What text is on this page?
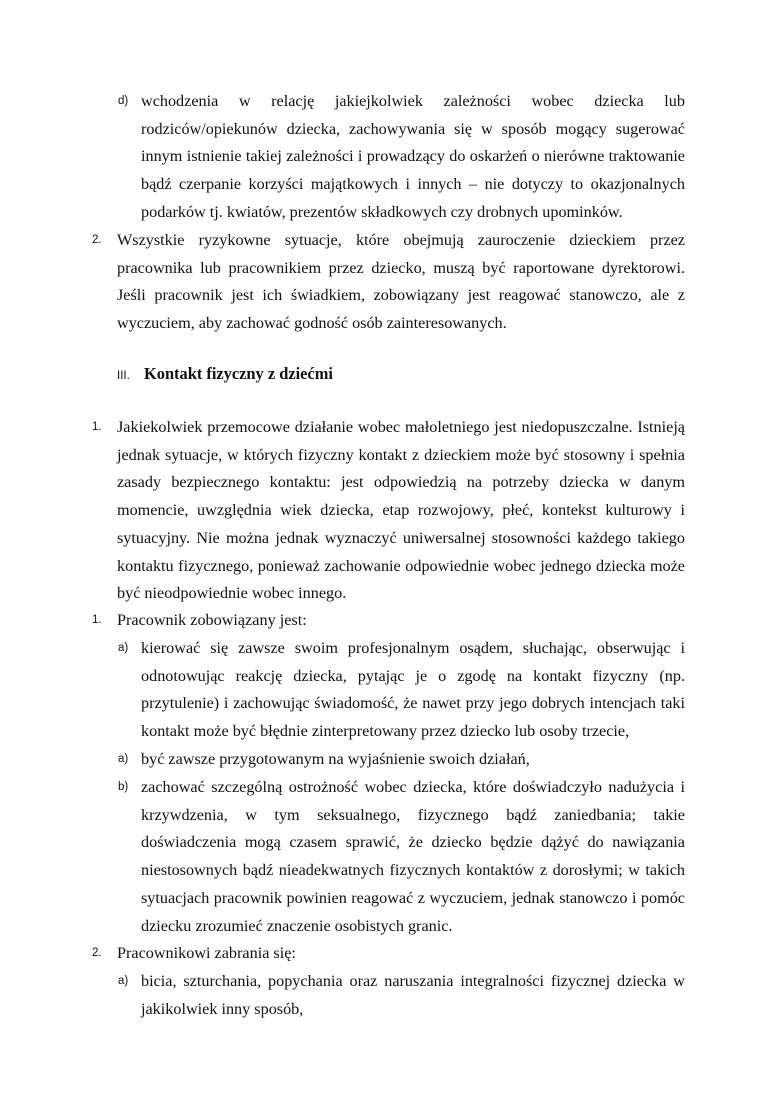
d) wchodzenia w relację jakiejkolwiek zależności wobec dziecka lub rodziców/opiekunów dziecka, zachowywania się w sposób mogący sugerować innym istnienie takiej zależności i prowadzący do oskarżeń o nierówne traktowanie bądź czerpanie korzyści majątkowych i innych – nie dotyczy to okazjonalnych podarków tj. kwiatów, prezentów składkowych czy drobnych upominków.
2. Wszystkie ryzykowne sytuacje, które obejmują zauroczenie dzieckiem przez pracownika lub pracownikiem przez dziecko, muszą być raportowane dyrektorowi. Jeśli pracownik jest ich świadkiem, zobowiązany jest reagować stanowczo, ale z wyczuciem, aby zachować godność osób zainteresowanych.
III. Kontakt fizyczny z dziećmi
1. Jakiekolwiek przemocowe działanie wobec małoletniego jest niedopuszczalne. Istnieją jednak sytuacje, w których fizyczny kontakt z dzieckiem może być stosowny i spełnia zasady bezpiecznego kontaktu: jest odpowiedzią na potrzeby dziecka w danym momencie, uwzględnia wiek dziecka, etap rozwojowy, płeć, kontekst kulturowy i sytuacyjny. Nie można jednak wyznaczyć uniwersalnej stosowności każdego takiego kontaktu fizycznego, ponieważ zachowanie odpowiednie wobec jednego dziecka może być nieodpowiednie wobec innego.
1. Pracownik zobowiązany jest:
a) kierować się zawsze swoim profesjonalnym osądem, słuchając, obserwując i odnotowując reakcję dziecka, pytając je o zgodę na kontakt fizyczny (np. przytulenie) i zachowując świadomość, że nawet przy jego dobrych intencjach taki kontakt może być błędnie zinterpretowany przez dziecko lub osoby trzecie,
a) być zawsze przygotowanym na wyjaśnienie swoich działań,
b) zachować szczególną ostrożność wobec dziecka, które doświadczyło nadużycia i krzywdzenia, w tym seksualnego, fizycznego bądź zaniedbania; takie doświadczenia mogą czasem sprawić, że dziecko będzie dążyć do nawiązania niestosownych bądź nieadekwatnych fizycznych kontaktów z dorosłymi; w takich sytuacjach pracownik powinien reagować z wyczuciem, jednak stanowczo i pomóc dziecku zrozumieć znaczenie osobistych granic.
2. Pracownikowi zabrania się:
a) bicia, szturchania, popychania oraz naruszania integralności fizycznej dziecka w jakikolwiek inny sposób,
